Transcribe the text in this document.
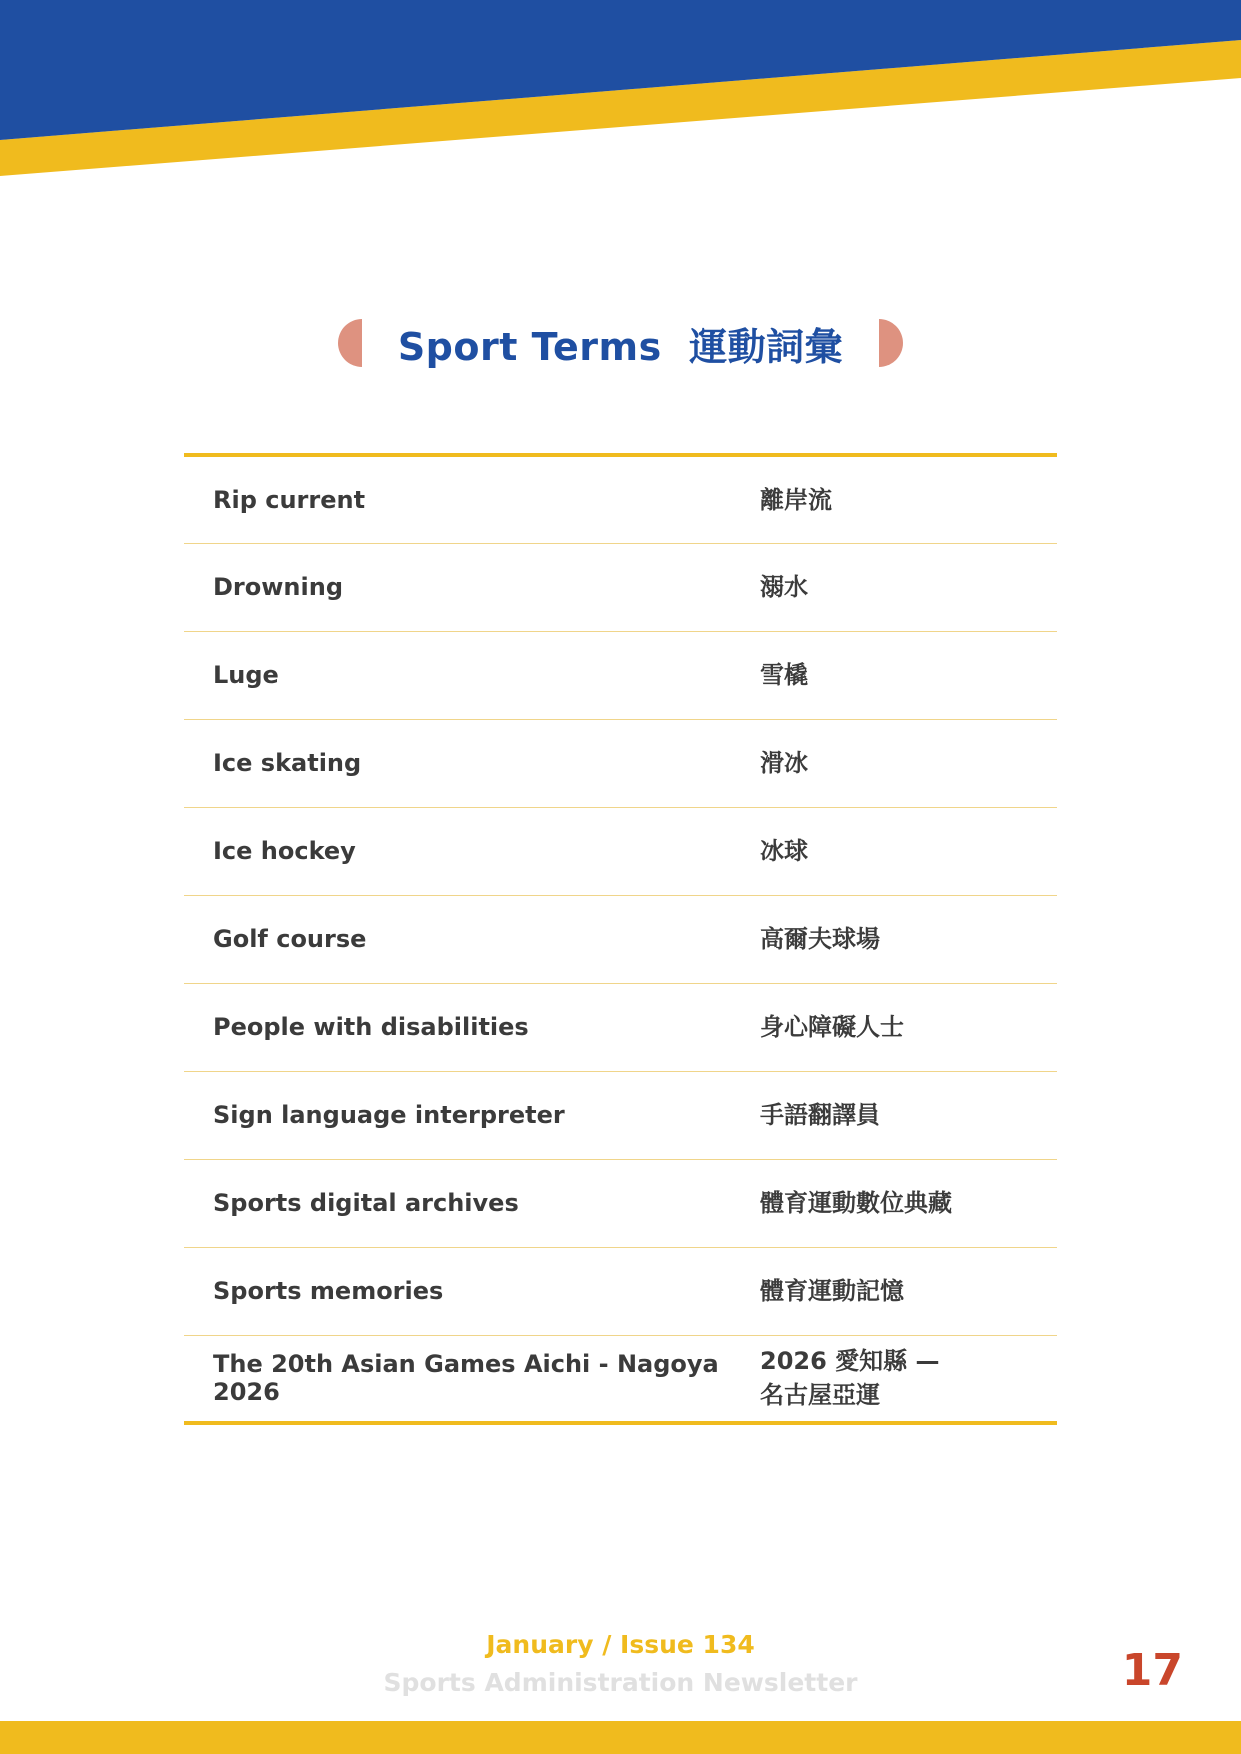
Sport Terms  運動詞彙
Rip current	離岸流
Drowning	溺水
Luge	雪橇
Ice skating	滑冰
Ice hockey	冰球
Golf course	高爾夫球場
People with disabilities	身心障礙人士
Sign language interpreter	手語翻譯員
Sports digital archives	體育運動數位典藏
Sports memories	體育運動記憶
The 20th Asian Games Aichi - Nagoya 2026	2026 愛知縣 —
名古屋亞運
January / Issue 134
Sports Administration Newsletter	17
